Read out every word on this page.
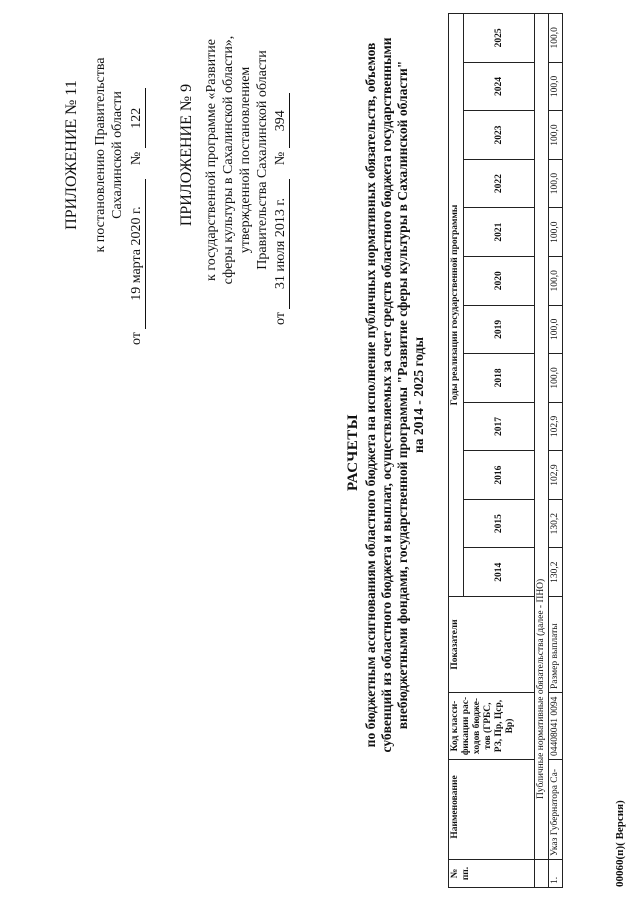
ПРИЛОЖЕНИЕ № 11 к постановлению Правительства Сахалинской области
от 19 марта 2020 г. № 122 ПРИЛОЖЕНИЕ № 9 к государственной программе «Развитие сферы культуры в Сахалинской области», утвержденной постановлением Правительства Сахалинской области
от 31 июля 2013 г. № 394
РАСЧЕТЫ по бюджетным ассигнованиям областного бюджета на исполнение публичных нормативных обязательств, объемов субвенций из областного бюджета и выплат, осуществляемых за счет средств областного бюджета государственными внебюджетными фондами, государственной программы "Развитие сферы культуры в Сахалинской области" на 2014 - 2025 годы
№ пп.	Наименование	Код класси-фикации рас-ходов бюдже-тов (ГРБС, РЗ, Пр, Цср, Вр)	Показатели	Годы реализации государственной программы											
				2014	2015	2016	2017	2018	2019	2020	2021	2022	2023	2024	2025
	Публичные нормативные обязательства (далее - ПНО)														
1.	Указ Губернатора Са-	04408041 0094	Размер выплаты	130,2	130,2	102,9	102,9	100,0	100,0	100,0	100,0	100,0	100,0	100,0	100,0
00060(п)( Версия)
